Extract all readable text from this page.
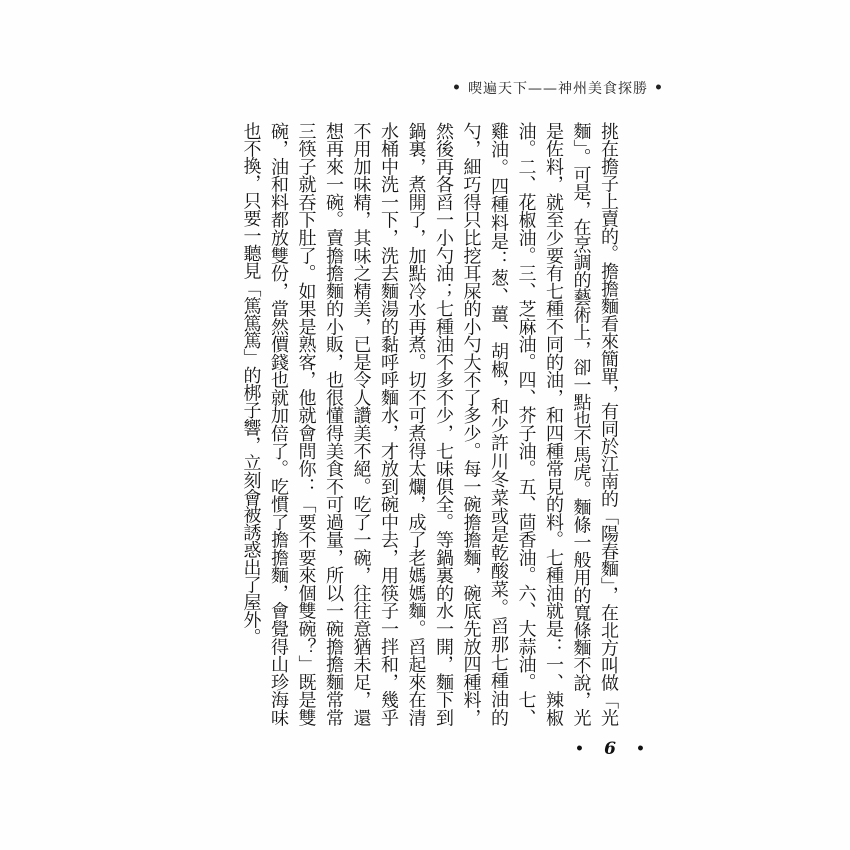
• 喫遍天下——神州美食探勝 •

挑在擔子上賣的。擔擔麵看來簡單，有同於江南的「陽春麵」，在北方叫做「光麵」。可是，在烹調的藝術上，卻一點也不馬虎。麵條一般用的寬條麵不說，光是佐料，就至少要有七種不同的油，和四種常見的料。七種油就是：一、辣椒油。二、花椒油。三、芝麻油。四、芥子油。五、茴香油。六、大蒜油。七、雞油。四種料是：葱、薑、胡椒，和少許川冬菜或是乾酸菜。舀那七種油的勺，細巧得只比挖耳屎的小勺大不了多少。每一碗擔擔麵，碗底先放四種料，然後再各舀一小勺油；七種油不多不少，七味俱全。等鍋裏的水一開，麵下到鍋裏，煮開了，加點冷水再煮。切不可煮得太爛，成了老媽媽麵。舀起來在清水桶中洗一下，洗去麵湯的黏呼呼麵水，才放到碗中去，用筷子一拌和，幾乎不用加味精，其味之精美，已是令人讚美不絕。吃了一碗，往往意猶未足，還想再來一碗。賣擔擔麵的小販，也很懂得美食不可過量，所以一碗擔擔麵常常三筷子就吞下肚了。如果是熟客，他就會問你：「要不要來個雙碗？」既是雙碗，油和料都放雙份，當然價錢也就加倍了。吃慣了擔擔麵，會覺得山珍海味也不換，只要一聽見「篤篤篤」的梆子響，立刻會被誘惑出了屋外。

• 6 •
